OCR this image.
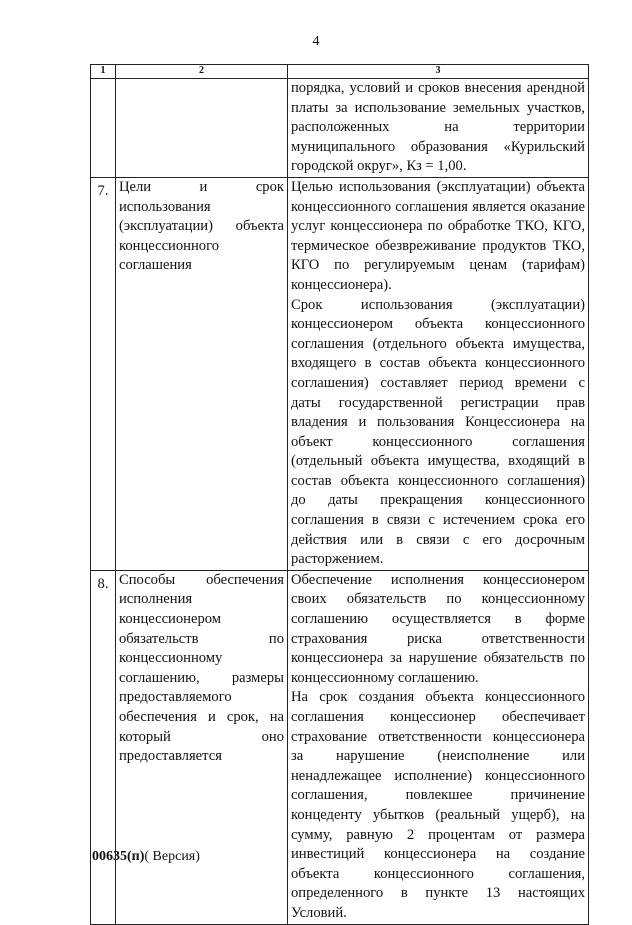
4
1	2	3

		порядка, условий и сроков внесения арендной платы за использование земельных участков, расположенных на территории муниципального образования «Курильский городской округ», Кз = 1,00.

7.	Цели и срок использования (эксплуатации) объекта концессионного соглашения	Целью использования (эксплуатации) объекта концессионного соглашения является оказание услуг концессионера по обработке ТКО, КГО, термическое обезвреживание продуктов ТКО, КГО по регулируемым ценам (тарифам) концессионера).

Срок использования (эксплуатации) концессионером объекта концессионного соглашения (отдельного объекта имущества, входящего в состав объекта концессионного соглашения) составляет период времени с даты государственной регистрации прав владения и пользования Концессионера на объект концессионного соглашения (отдельный объекта имущества, входящий в состав объекта концессионного соглашения) до даты прекращения концессионного соглашения в связи с истечением срока его действия или в связи с его досрочным расторжением.

8.	Способы обеспечения исполнения концессионером обязательств по концессионному соглашению, размеры предоставляемого обеспечения и срок, на который оно предоставляется	Обеспечение исполнения концессионером своих обязательств по концессионному соглашению осуществляется в форме страхования риска ответственности концессионера за нарушение обязательств по концессионному соглашению.

На срок создания объекта концессионного соглашения концессионер обеспечивает страхование ответственности концессионера за нарушение (неисполнение или ненадлежащее исполнение) концессионного соглашения, повлекшее причинение концеденту убытков (реальный ущерб), на сумму, равную 2 процентам от размера инвестиций концессионера на создание объекта концессионного соглашения, определенного в пункте 13 настоящих Условий.

00635(п)( Версия)
